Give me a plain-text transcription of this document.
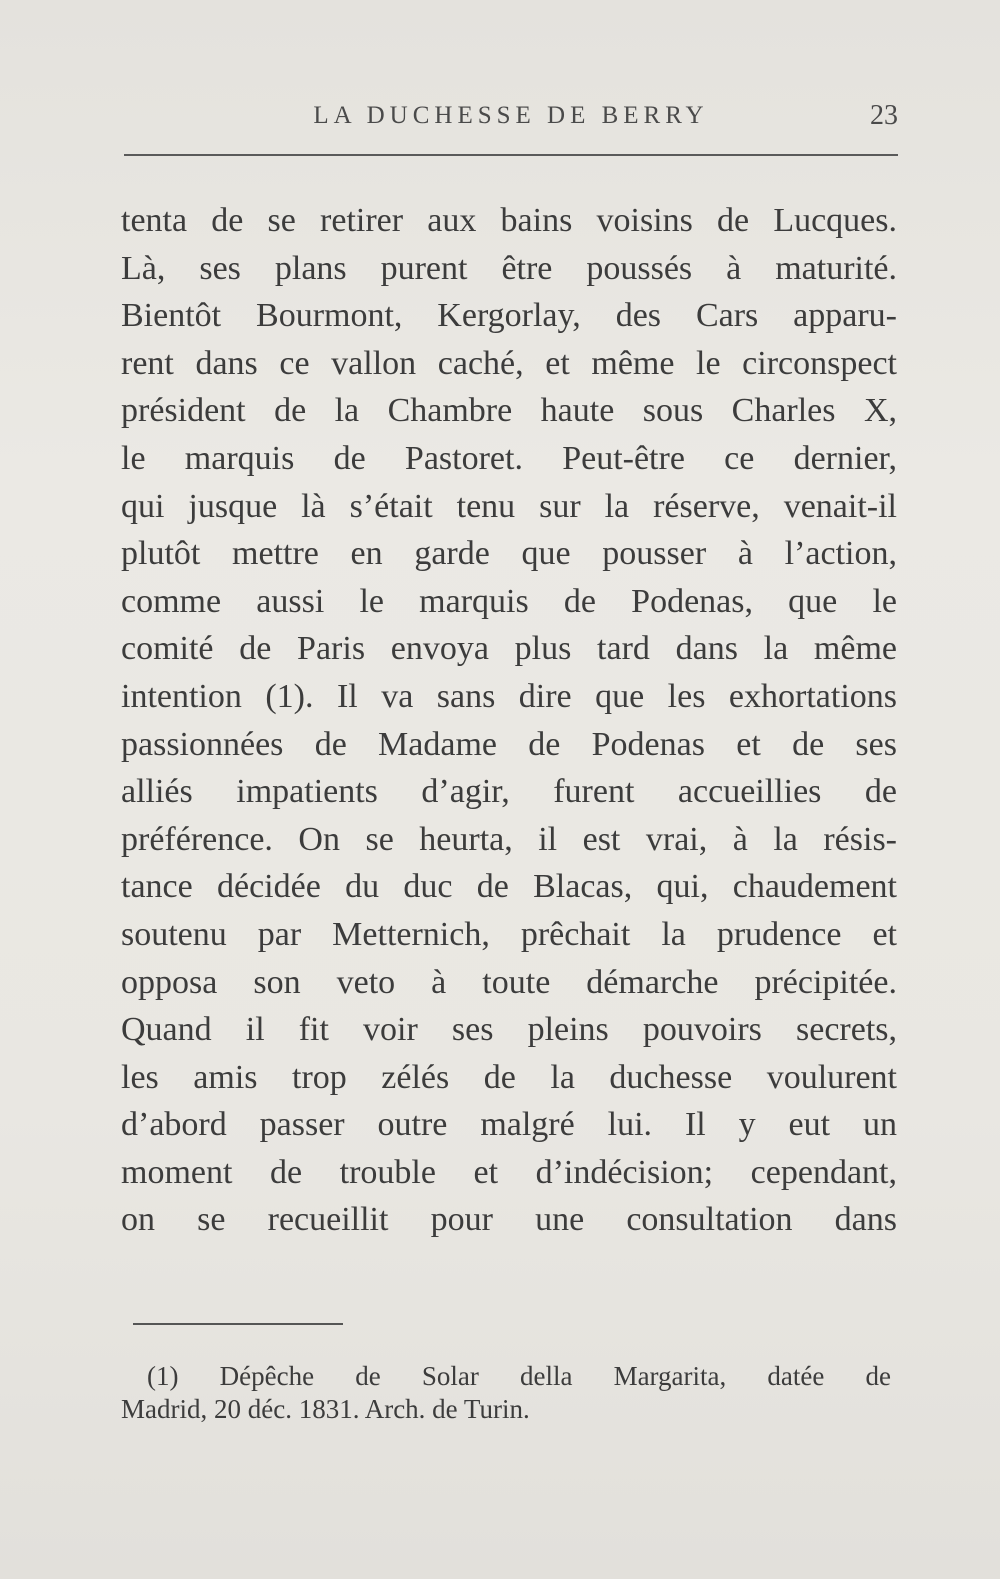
LA DUCHESSE DE BERRY	23
tenta de se retirer aux bains voisins de Lucques.
Là, ses plans purent être poussés à maturité.
Bientôt Bourmont, Kergorlay, des Cars apparu-
rent dans ce vallon caché, et même le circonspect
président de la Chambre haute sous Charles X,
le marquis de Pastoret. Peut-être ce dernier,
qui jusque là s’était tenu sur la réserve, venait-il
plutôt mettre en garde que pousser à l’action,
comme aussi le marquis de Podenas, que le
comité de Paris envoya plus tard dans la même
intention (1). Il va sans dire que les exhortations
passionnées de Madame de Podenas et de ses
alliés impatients d’agir, furent accueillies de
préférence. On se heurta, il est vrai, à la résis-
tance décidée du duc de Blacas, qui, chaudement
soutenu par Metternich, prêchait la prudence et
opposa son veto à toute démarche précipitée.
Quand il fit voir ses pleins pouvoirs secrets,
les amis trop zélés de la duchesse voulurent
d’abord passer outre malgré lui. Il y eut un
moment de trouble et d’indécision; cependant,
on se recueillit pour une consultation dans
(1) Dépêche de Solar della Margarita, datée de
Madrid, 20 déc. 1831. Arch. de Turin.
